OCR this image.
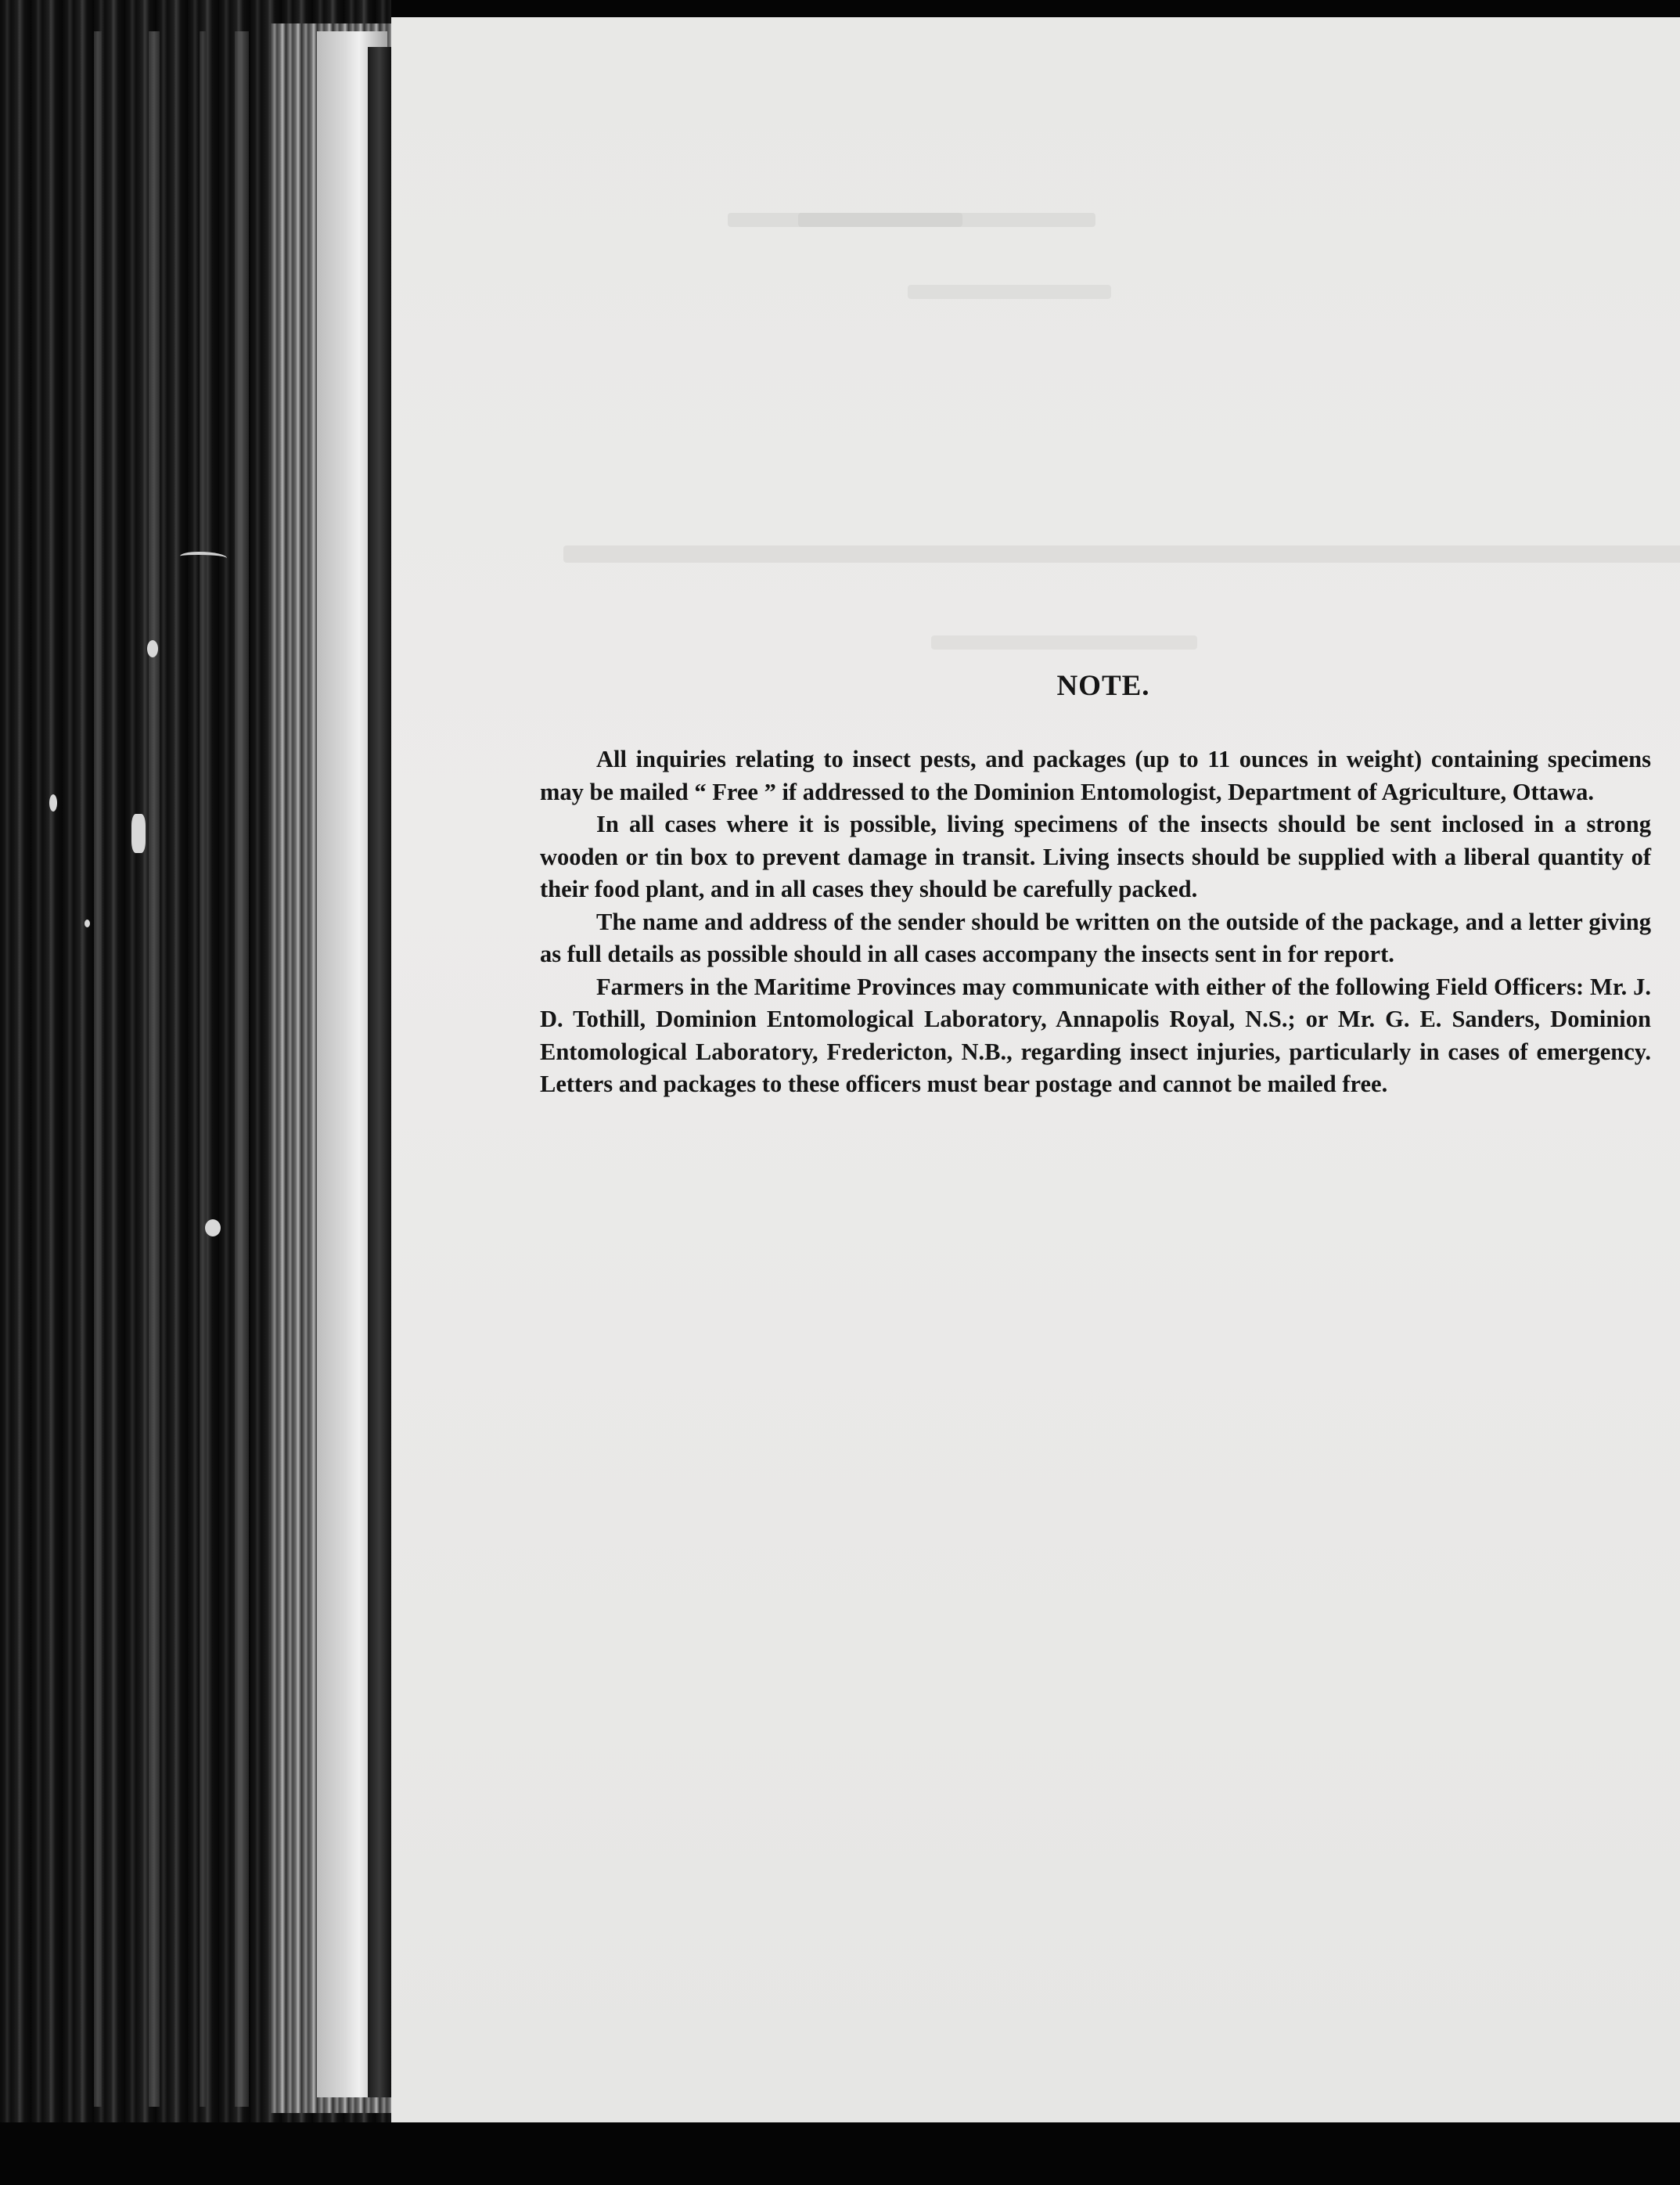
NOTE.

All inquiries relating to insect pests, and packages (up to 11 ounces in weight) containing specimens may be mailed “ Free ” if addressed to the Dominion Entomologist, Department of Agriculture, Ottawa.

In all cases where it is possible, living specimens of the insects should be sent inclosed in a strong wooden or tin box to prevent damage in transit. Living insects should be supplied with a liberal quantity of their food plant, and in all cases they should be carefully packed.

The name and address of the sender should be written on the outside of the package, and a letter giving as full details as possible should in all cases accompany the insects sent in for report.

Farmers in the Maritime Provinces may communicate with either of the following Field Officers: Mr. J. D. Tothill, Dominion Entomological Laboratory, Annapolis Royal, N.S.; or Mr. G. E. Sanders, Dominion Entomological Laboratory, Fredericton, N.B., regarding insect injuries, particularly in cases of emergency. Letters and packages to these officers must bear postage and cannot be mailed free.
